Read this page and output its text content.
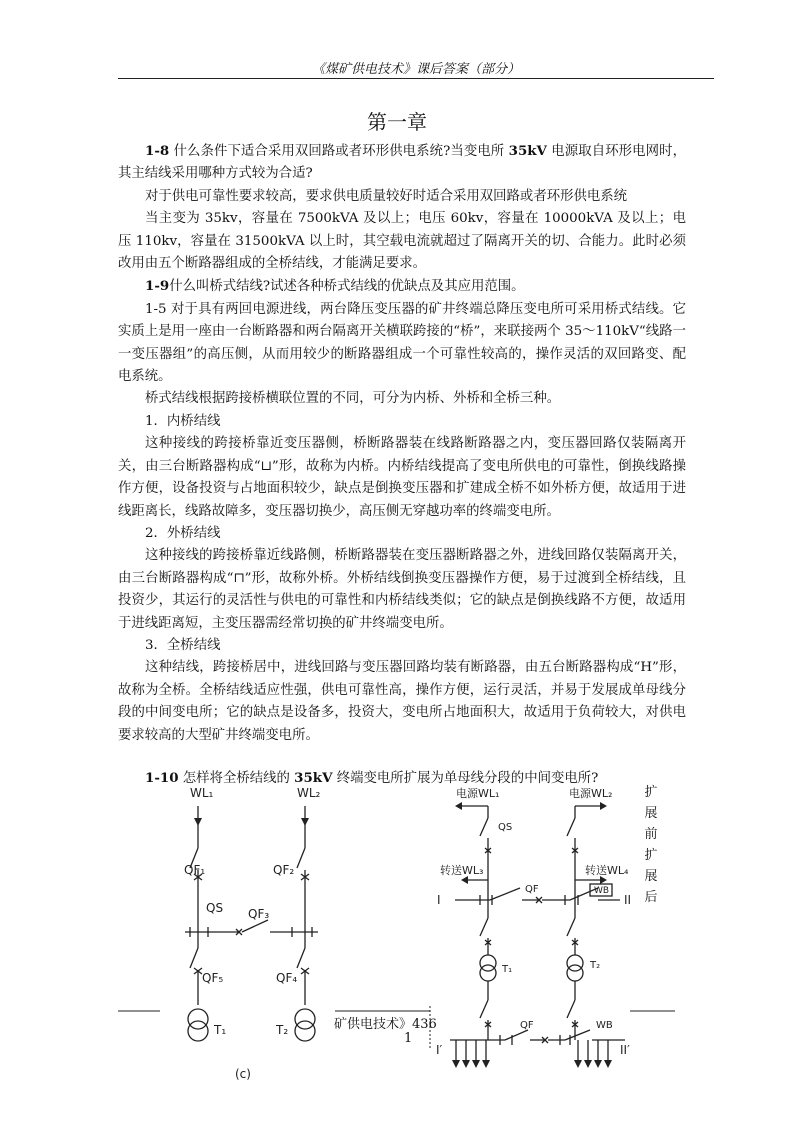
《煤矿供电技术》课后答案（部分）
第一章

1-8 什么条件下适合采用双回路或者环形供电系统?当变电所 35kV 电源取自环形电网时，其主结线采用哪种方式较为合适?

对于供电可靠性要求较高，要求供电质量较好时适合采用双回路或者环形供电系统

当主变为 35kv，容量在 7500kVA 及以上；电压 60kv，容量在 10000kVA 及以上；电压 110kv，容量在 31500kVA 以上时，其空载电流就超过了隔离开关的切、合能力。此时必须改用由五个断路器组成的全桥结线，才能满足要求。

1-9什么叫桥式结线?试述各种桥式结线的优缺点及其应用范围。

1-5 对于具有两回电源进线，两台降压变压器的矿井终端总降压变电所可采用桥式结线。它实质上是用一座由一台断路器和两台隔离开关横联跨接的“桥”，来联接两个 35～110kV“线路一一变压器组”的高压侧，从而用较少的断路器组成一个可靠性较高的，操作灵活的双回路变、配电系统。

桥式结线根据跨接桥横联位置的不同，可分为内桥、外桥和全桥三种。

1．内桥结线

这种接线的跨接桥靠近变压器侧，桥断路器装在线路断路器之内，变压器回路仅装隔离开关，由三台断路器构成“⊔”形，故称为内桥。内桥结线提高了变电所供电的可靠性，倒换线路操作方便，设备投资与占地面积较少，缺点是倒换变压器和扩建成全桥不如外桥方便，故适用于进线距离长，线路故障多，变压器切换少，高压侧无穿越功率的终端变电所。

2．外桥结线

这种接线的跨接桥靠近线路侧，桥断路器装在变压器断路器之外，进线回路仅装隔离开关，由三台断路器构成“⊓”形，故称外桥。外桥结线倒换变压器操作方便，易于过渡到全桥结线，且投资少，其运行的灵活性与供电的可靠性和内桥结线类似；它的缺点是倒换线路不方便，故适用于进线距离短，主变压器需经常切换的矿井终端变电所。

3．全桥结线

这种结线，跨接桥居中，进线回路与变压器回路均装有断路器，由五台断路器构成“H”形，故称为全桥。全桥结线适应性强，供电可靠性高，操作方便，运行灵活，并易于发展成单母线分段的中间变电所；它的缺点是设备多，投资大，变电所占地面积大，故适用于负荷较大，对供电要求较高的大型矿井终端变电所。

1-10 怎样将全桥结线的 35kV 终端变电所扩展为单母线分段的中间变电所?

WL₁	WL₂
QF₁	QF₂
QS QF₃
QF₅	QF₄
T₁	T₂
(c)
电源WL₁	电源WL₂
QS
转送WL₃	转送WL₄
WB
I	II
QF
T₁	T₂
QF	WB
I′	II′
扩
展
前
扩
展
后
矿供电技术》436
1
